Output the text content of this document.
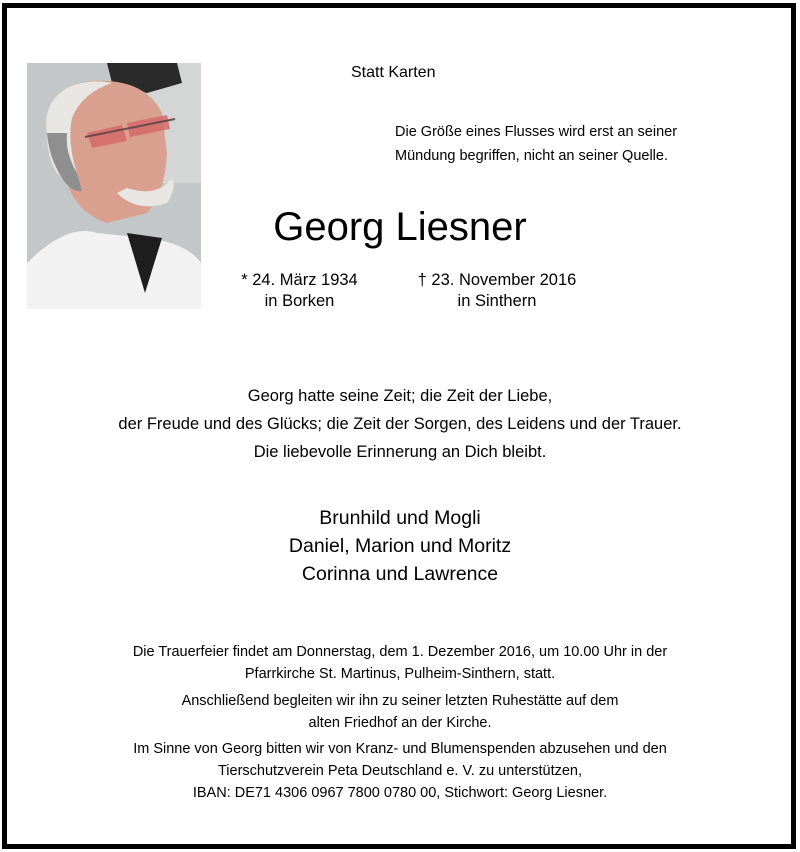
Statt Karten
Die Größe eines Flusses wird erst an seiner
Mündung begriffen, nicht an seiner Quelle.
Georg Liesner
* 24. März 1934
in Borken
† 23. November 2016
in Sinthern
Georg hatte seine Zeit; die Zeit der Liebe,
der Freude und des Glücks; die Zeit der Sorgen, des Leidens und der Trauer.
Die liebevolle Erinnerung an Dich bleibt.
Brunhild und Mogli
Daniel, Marion und Moritz
Corinna und Lawrence
Die Trauerfeier findet am Donnerstag, dem 1. Dezember 2016, um 10.00 Uhr in der
Pfarrkirche St. Martinus, Pulheim-Sinthern, statt.
Anschließend begleiten wir ihn zu seiner letzten Ruhestätte auf dem
alten Friedhof an der Kirche.
Im Sinne von Georg bitten wir von Kranz- und Blumenspenden abzusehen und den
Tierschutzverein Peta Deutschland e. V. zu unterstützen,
IBAN: DE71 4306 0967 7800 0780 00, Stichwort: Georg Liesner.
